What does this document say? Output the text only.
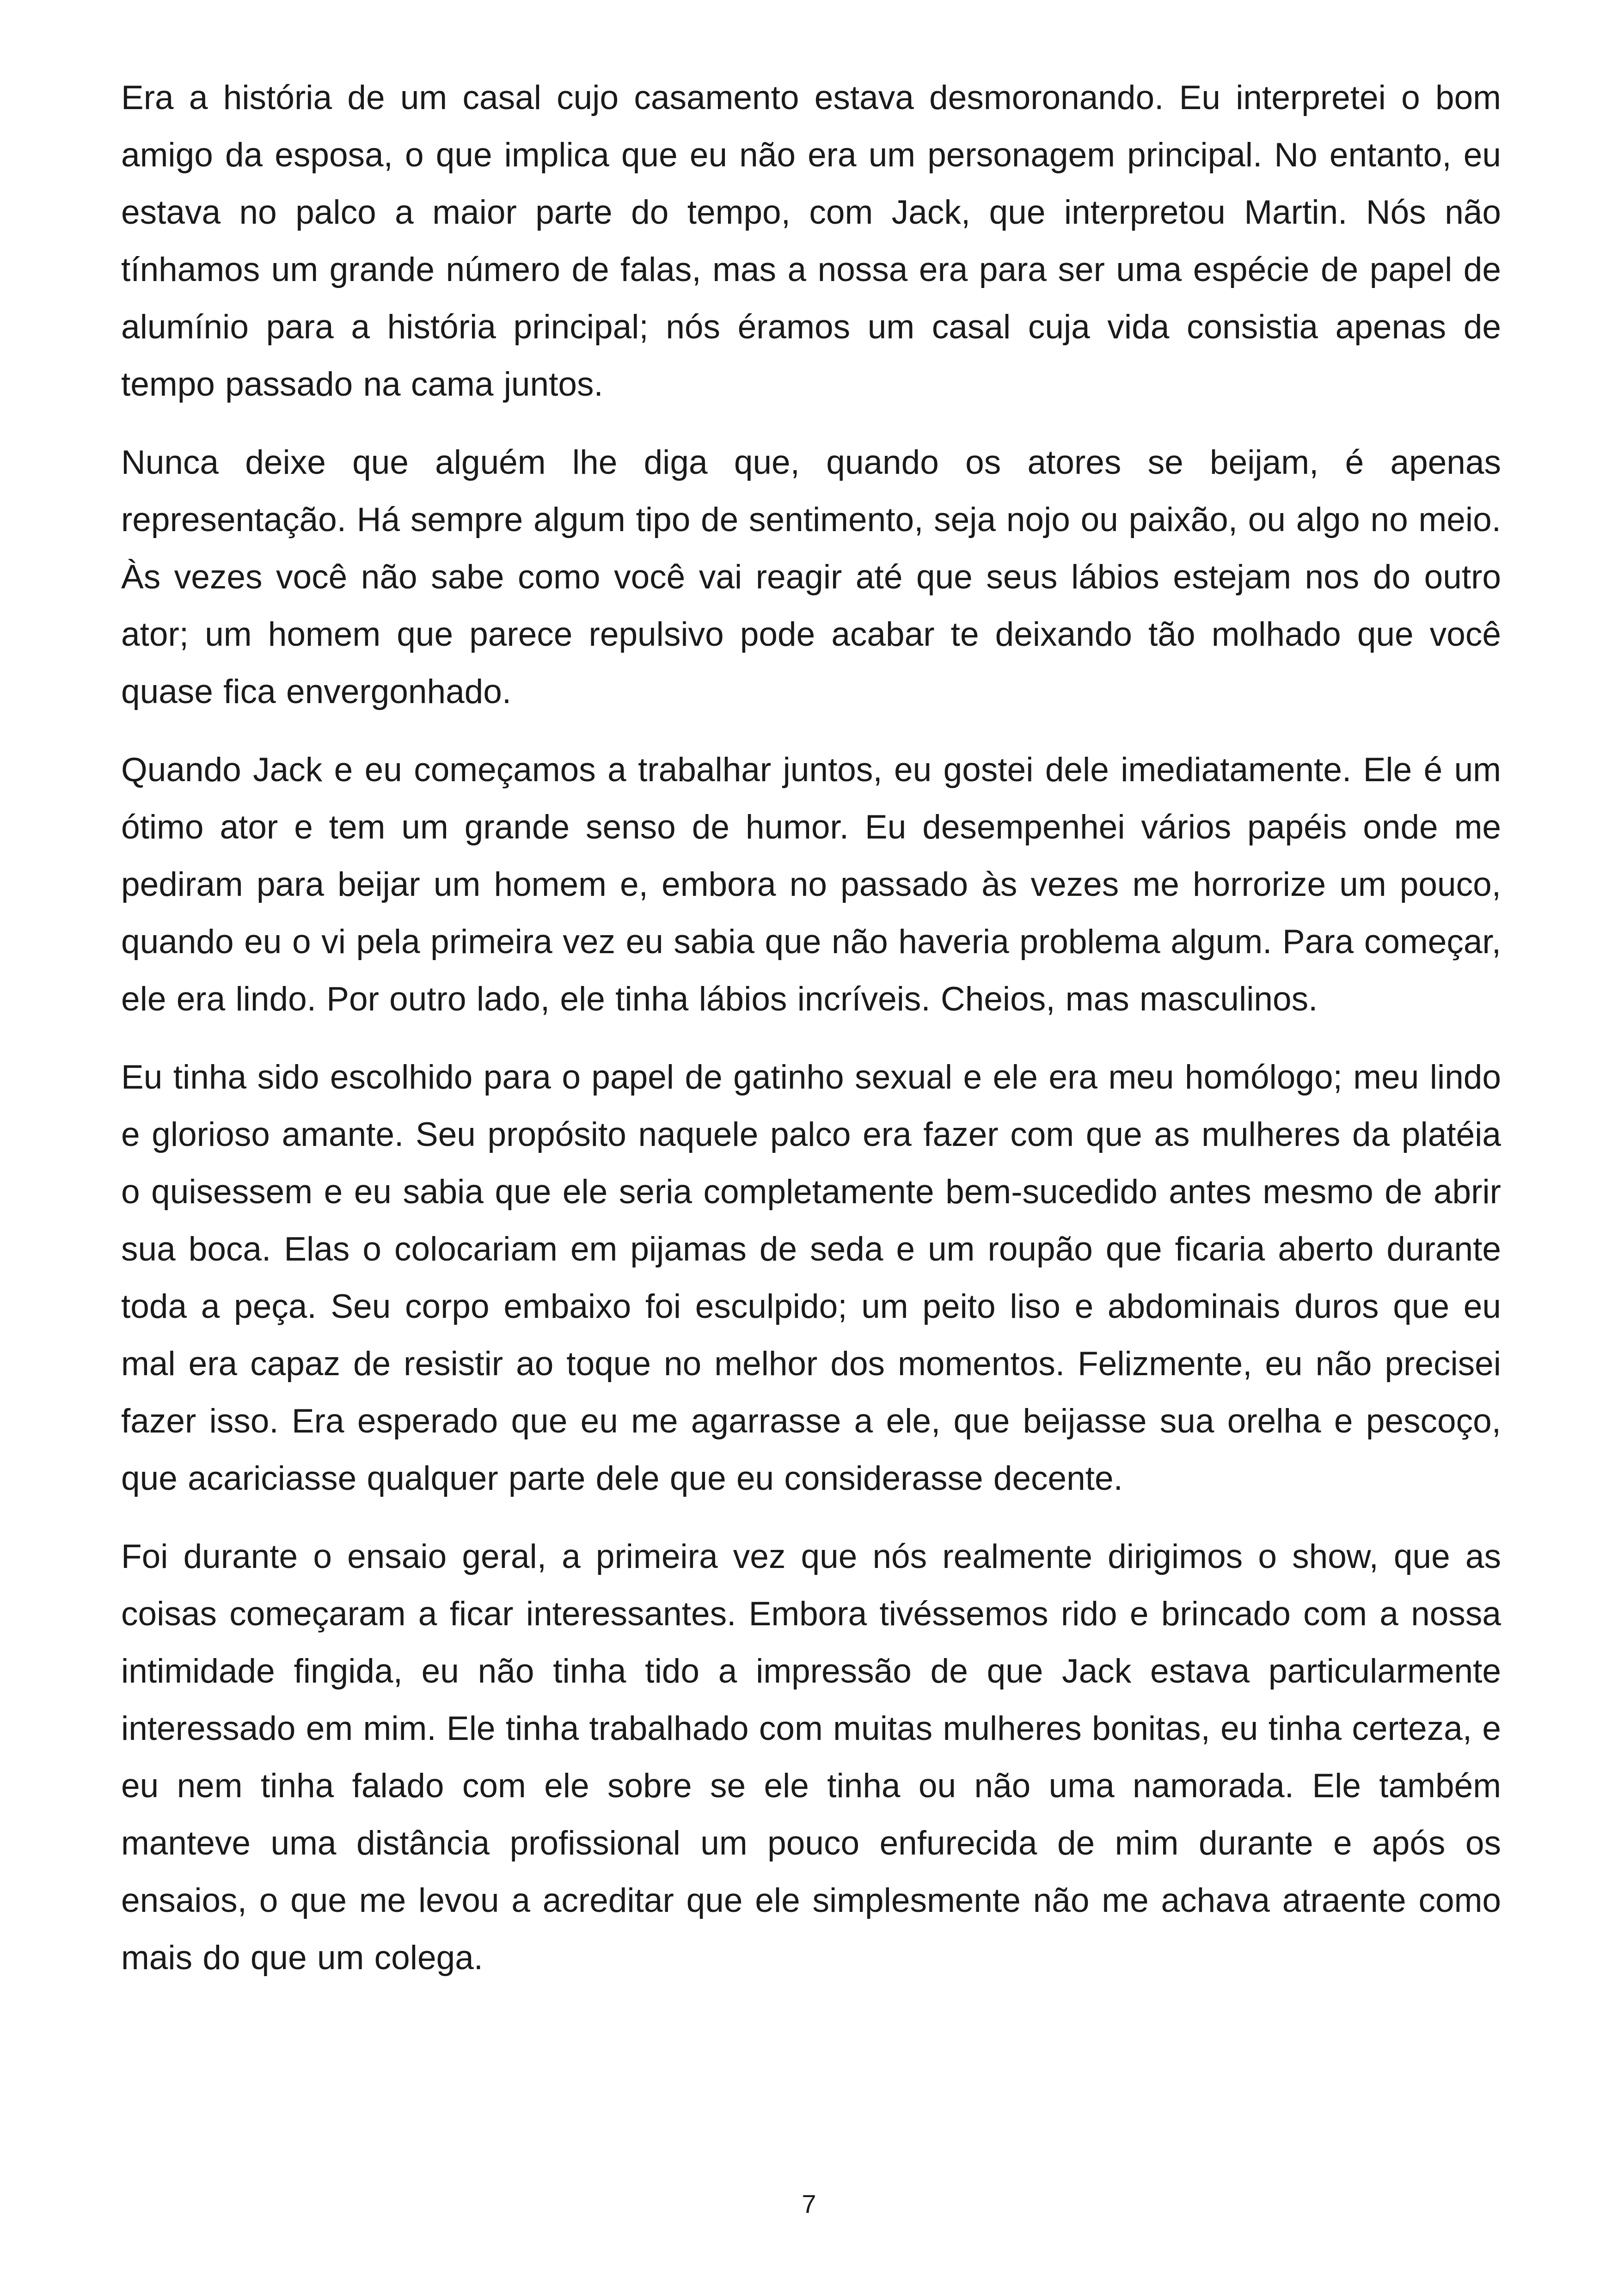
Era a história de um casal cujo casamento estava desmoronando. Eu interpretei o bom amigo da esposa, o que implica que eu não era um personagem principal. No entanto, eu estava no palco a maior parte do tempo, com Jack, que interpretou Martin. Nós não tínhamos um grande número de falas, mas a nossa era para ser uma espécie de papel de alumínio para a história principal; nós éramos um casal cuja vida consistia apenas de tempo passado na cama juntos.

Nunca deixe que alguém lhe diga que, quando os atores se beijam, é apenas representação. Há sempre algum tipo de sentimento, seja nojo ou paixão, ou algo no meio. Às vezes você não sabe como você vai reagir até que seus lábios estejam nos do outro ator; um homem que parece repulsivo pode acabar te deixando tão molhado que você quase fica envergonhado.

Quando Jack e eu começamos a trabalhar juntos, eu gostei dele imediatamente. Ele é um ótimo ator e tem um grande senso de humor. Eu desempenhei vários papéis onde me pediram para beijar um homem e, embora no passado às vezes me horrorize um pouco, quando eu o vi pela primeira vez eu sabia que não haveria problema algum. Para começar, ele era lindo. Por outro lado, ele tinha lábios incríveis. Cheios, mas masculinos.

Eu tinha sido escolhido para o papel de gatinho sexual e ele era meu homólogo; meu lindo e glorioso amante. Seu propósito naquele palco era fazer com que as mulheres da platéia o quisessem e eu sabia que ele seria completamente bem-sucedido antes mesmo de abrir sua boca. Elas o colocariam em pijamas de seda e um roupão que ficaria aberto durante toda a peça. Seu corpo embaixo foi esculpido; um peito liso e abdominais duros que eu mal era capaz de resistir ao toque no melhor dos momentos. Felizmente, eu não precisei fazer isso. Era esperado que eu me agarrasse a ele, que beijasse sua orelha e pescoço, que acariciasse qualquer parte dele que eu considerasse decente.

Foi durante o ensaio geral, a primeira vez que nós realmente dirigimos o show, que as coisas começaram a ficar interessantes. Embora tivéssemos rido e brincado com a nossa intimidade fingida, eu não tinha tido a impressão de que Jack estava particularmente interessado em mim. Ele tinha trabalhado com muitas mulheres bonitas, eu tinha certeza, e eu nem tinha falado com ele sobre se ele tinha ou não uma namorada. Ele também manteve uma distância profissional um pouco enfurecida de mim durante e após os ensaios, o que me levou a acreditar que ele simplesmente não me achava atraente como mais do que um colega.

7
